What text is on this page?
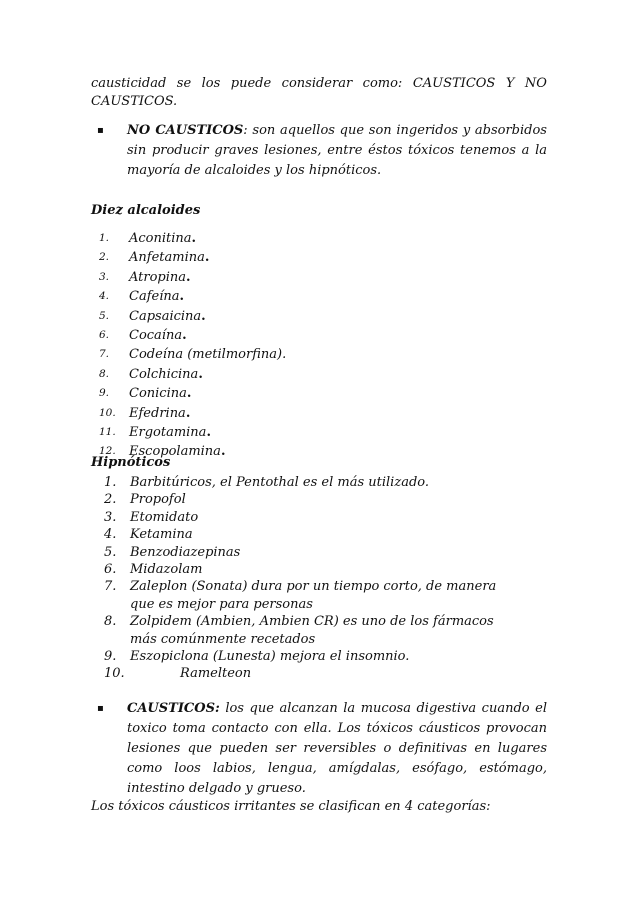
causticidad se los puede considerar como: CAUSTICOS Y NO
CAUSTICOS.
▪	NO CAUSTICOS: son aquellos que son ingeridos y absorbidos sin producir graves lesiones, entre éstos tóxicos tenemos a la mayoría de alcaloides y los hipnóticos.

Diez alcaloides

1.	Aconitina .
2.	Anfetamina .
3.	Atropina .
4.	Cafeína .
5.	Capsaicina .
6.	Cocaína .
7.	Codeína (metilmorfina).
8.	Colchicina .
9.	Conicina .
10.	Efedrina .
11.	Ergotamina .
12.	Escopolamina .

Hipnóticos

1.	Barbitúricos, el Pentothal es el más utilizado.
2.	Propofol
3.	Etomidato
4.	Ketamina
5.	Benzodiazepinas
6.	Midazolam
7.	Zaleplon (Sonata) dura por un tiempo corto, de manera que es mejor para personas
8.	Zolpidem (Ambien, Ambien CR) es uno de los fármacos más comúnmente recetados
9.	Eszopiclona (Lunesta) mejora el insomnio.
10.	Ramelteon
▪	CAUSTICOS: los que alcanzan la mucosa digestiva cuando el toxico toma contacto con ella. Los tóxicos cáusticos provocan lesiones que pueden ser reversibles o definitivas en lugares como loos labios, lengua, amígdalas, esófago, estómago, intestino delgado y grueso.

Los tóxicos cáusticos irritantes se clasifican en 4 categorías:
